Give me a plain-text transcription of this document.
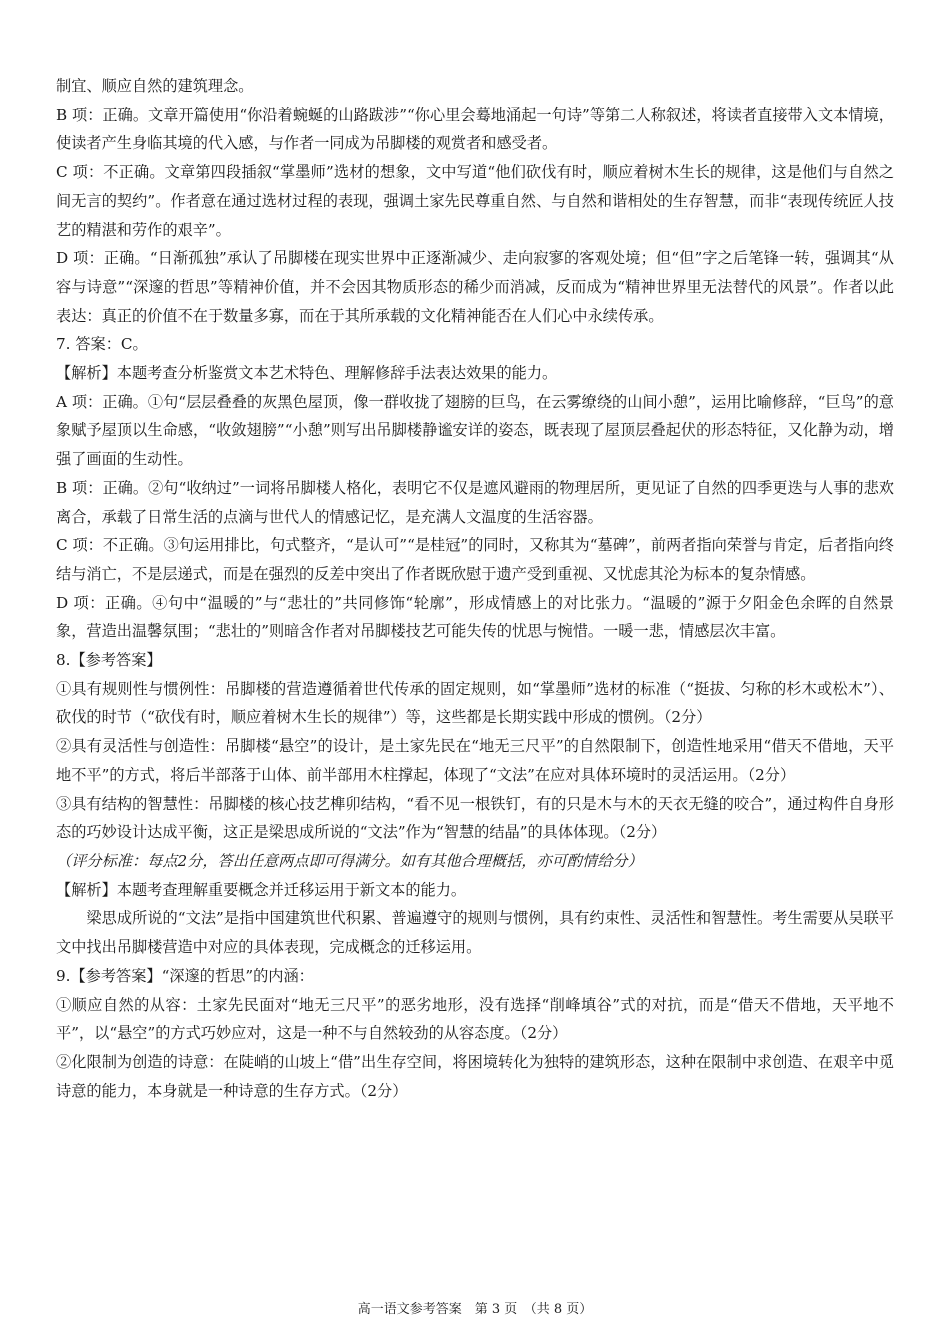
制宜、顺应自然的建筑理念。

B 项：正确。文章开篇使用“你沿着蜿蜒的山路跋涉”“你心里会蓦地涌起一句诗”等第二人称叙述，将读者直接带入文本情境，使读者产生身临其境的代入感，与作者一同成为吊脚楼的观赏者和感受者。

C 项：不正确。文章第四段插叙“掌墨师”选材的想象，文中写道“他们砍伐有时，顺应着树木生长的规律，这是他们与自然之间无言的契约”。作者意在通过选材过程的表现，强调土家先民尊重自然、与自然和谐相处的生存智慧，而非“表现传统匠人技艺的精湛和劳作的艰辛”。

D 项：正确。“日渐孤独”承认了吊脚楼在现实世界中正逐渐减少、走向寂寥的客观处境；但“但”字之后笔锋一转，强调其“从容与诗意”“深邃的哲思”等精神价值，并不会因其物质形态的稀少而消减，反而成为“精神世界里无法替代的风景”。作者以此表达：真正的价值不在于数量多寡，而在于其所承载的文化精神能否在人们心中永续传承。

7. 答案：C。

【解析】本题考查分析鉴赏文本艺术特色、理解修辞手法表达效果的能力。

A 项：正确。①句“层层叠叠的灰黑色屋顶，像一群收拢了翅膀的巨鸟，在云雾缭绕的山间小憩”，运用比喻修辞，“巨鸟”的意象赋予屋顶以生命感，“收敛翅膀”“小憩”则写出吊脚楼静谧安详的姿态，既表现了屋顶层叠起伏的形态特征，又化静为动，增强了画面的生动性。

B 项：正确。②句“收纳过”一词将吊脚楼人格化，表明它不仅是遮风避雨的物理居所，更见证了自然的四季更迭与人事的悲欢离合，承载了日常生活的点滴与世代人的情感记忆，是充满人文温度的生活容器。

C 项：不正确。③句运用排比，句式整齐，“是认可”“是桂冠”的同时，又称其为“墓碑”，前两者指向荣誉与肯定，后者指向终结与消亡，不是层递式，而是在强烈的反差中突出了作者既欣慰于遗产受到重视、又忧虑其沦为标本的复杂情感。

D 项：正确。④句中“温暖的”与“悲壮的”共同修饰“轮廓”，形成情感上的对比张力。“温暖的”源于夕阳金色余晖的自然景象，营造出温馨氛围；“悲壮的”则暗含作者对吊脚楼技艺可能失传的忧思与惋惜。一暖一悲，情感层次丰富。

8.【参考答案】

①具有规则性与惯例性：吊脚楼的营造遵循着世代传承的固定规则，如“掌墨师”选材的标准（“挺拔、匀称的杉木或松木”）、砍伐的时节（“砍伐有时，顺应着树木生长的规律”）等，这些都是长期实践中形成的惯例。（2分）

②具有灵活性与创造性：吊脚楼“悬空”的设计，是土家先民在“地无三尺平”的自然限制下，创造性地采用“借天不借地，天平地不平”的方式，将后半部落于山体、前半部用木柱撑起，体现了“文法”在应对具体环境时的灵活运用。（2分）

③具有结构的智慧性：吊脚楼的核心技艺榫卯结构，“看不见一根铁钉，有的只是木与木的天衣无缝的咬合”，通过构件自身形态的巧妙设计达成平衡，这正是梁思成所说的“文法”作为“智慧的结晶”的具体体现。（2分）

（评分标准：每点2分，答出任意两点即可得满分。如有其他合理概括，亦可酌情给分）

【解析】本题考查理解重要概念并迁移运用于新文本的能力。

梁思成所说的“文法”是指中国建筑世代积累、普遍遵守的规则与惯例，具有约束性、灵活性和智慧性。考生需要从吴联平文中找出吊脚楼营造中对应的具体表现，完成概念的迁移运用。

9.【参考答案】“深邃的哲思”的内涵：

①顺应自然的从容：土家先民面对“地无三尺平”的恶劣地形，没有选择“削峰填谷”式的对抗，而是“借天不借地，天平地不平”，以“悬空”的方式巧妙应对，这是一种不与自然较劲的从容态度。（2分）

②化限制为创造的诗意：在陡峭的山坡上“借”出生存空间，将困境转化为独特的建筑形态，这种在限制中求创造、在艰辛中觅诗意的能力，本身就是一种诗意的生存方式。（2分）

高一语文参考答案　第 3 页　（共 8 页）
